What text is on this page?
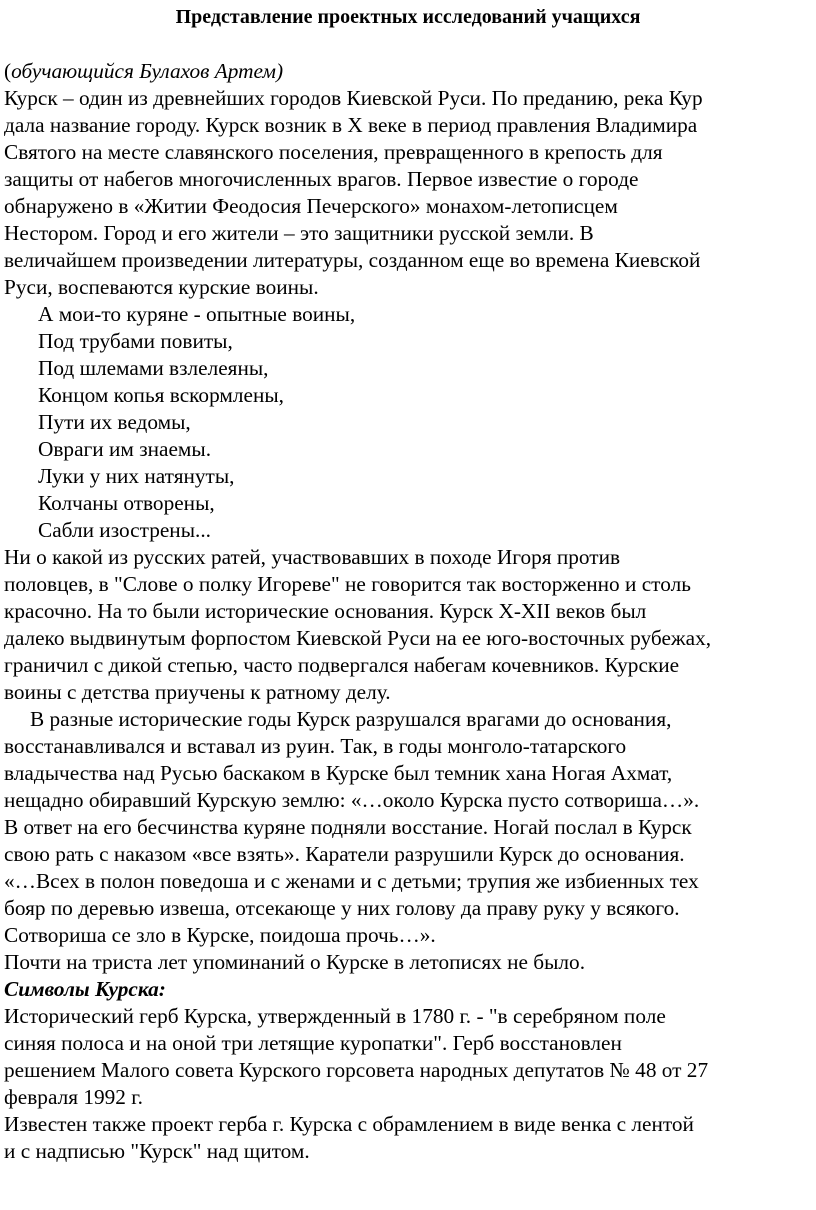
Представление проектных исследований учащихся
(обучающийся Булахов Артем)
Курск – один из древнейших городов Киевской Руси. По преданию, река Кур
дала название городу. Курск возник в X веке в период правления Владимира
Святого на месте славянского поселения, превращенного в крепость для
защиты от набегов многочисленных врагов. Первое известие о городе
обнаружено в «Житии Феодосия Печерского» монахом-летописцем
Нестором. Город и его жители – это защитники русской земли. В
величайшем произведении литературы, созданном еще во времена Киевской
Руси, воспеваются курские воины.
А мои-то куряне - опытные воины,
Под трубами повиты,
Под шлемами взлелеяны,
Концом копья вскормлены,
Пути их ведомы,
Овраги им знаемы.
Луки у них натянуты,
Колчаны отворены,
Сабли изострены...
Ни о какой из русских ратей, участвовавших в походе Игоря против
половцев, в "Слове о полку Игореве" не говорится так восторженно и столь
красочно. На то были исторические основания. Курск X-XII веков был
далеко выдвинутым форпостом Киевской Руси на ее юго-восточных рубежах,
граничил с дикой степью, часто подвергался набегам кочевников. Курские
воины с детства приучены к ратному делу.
В разные исторические годы Курск разрушался врагами до основания,
восстанавливался и вставал из руин. Так, в годы монголо-татарского
владычества над Русью баскаком в Курске был темник хана Ногая Ахмат,
нещадно обиравший Курскую землю: «…около Курска пусто сотвориша…».
В ответ на его бесчинства куряне подняли восстание. Ногай послал в Курск
свою рать с наказом «все взять». Каратели разрушили Курск до основания.
«…Всех в полон поведоша и с женами и с детьми; трупия же избиенных тех
бояр по деревью извеша, отсекающе у них голову да праву руку у всякого.
Сотвориша се зло в Курске, поидоша прочь…».
Почти на триста лет упоминаний о Курске в летописях не было.
Символы Курска:
Исторический герб Курска, утвержденный в 1780 г. - "в серебряном поле
синяя полоса и на оной три летящие куропатки". Герб восстановлен
решением Малого совета Курского горсовета народных депутатов № 48 от 27
февраля 1992 г.
Известен также проект герба г. Курска с обрамлением в виде венка с лентой
и с надписью "Курск" над щитом.
